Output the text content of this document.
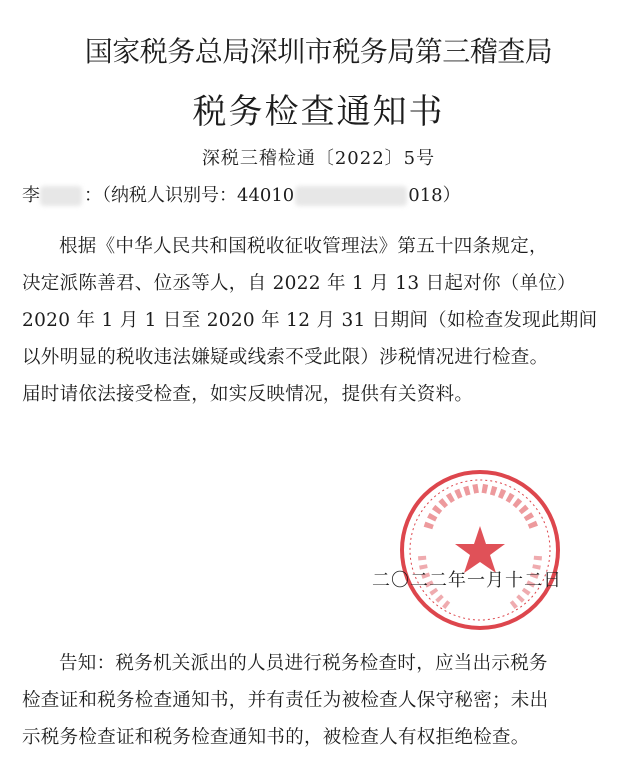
国家税务总局深圳市税务局第三稽查局
税务检查通知书
深税三稽检通〔2022〕5号
李 ：（纳税人识别号：44010	018）
根据《中华人民共和国税收征收管理法》第五十四条规定，
决定派陈善君、位丞等人，自 2022 年 1 月 13 日起对你（单位）
2020 年 1 月 1 日至 2020 年 12 月 31 日期间（如检查发现此期间
以外明显的税收违法嫌疑或线索不受此限）涉税情况进行检查。
届时请依法接受检查，如实反映情况，提供有关资料。
二〇二二年一月十二日
告知：税务机关派出的人员进行税务检查时，应当出示税务
检查证和税务检查通知书，并有责任为被检查人保守秘密；未出
示税务检查证和税务检查通知书的，被检查人有权拒绝检查。
